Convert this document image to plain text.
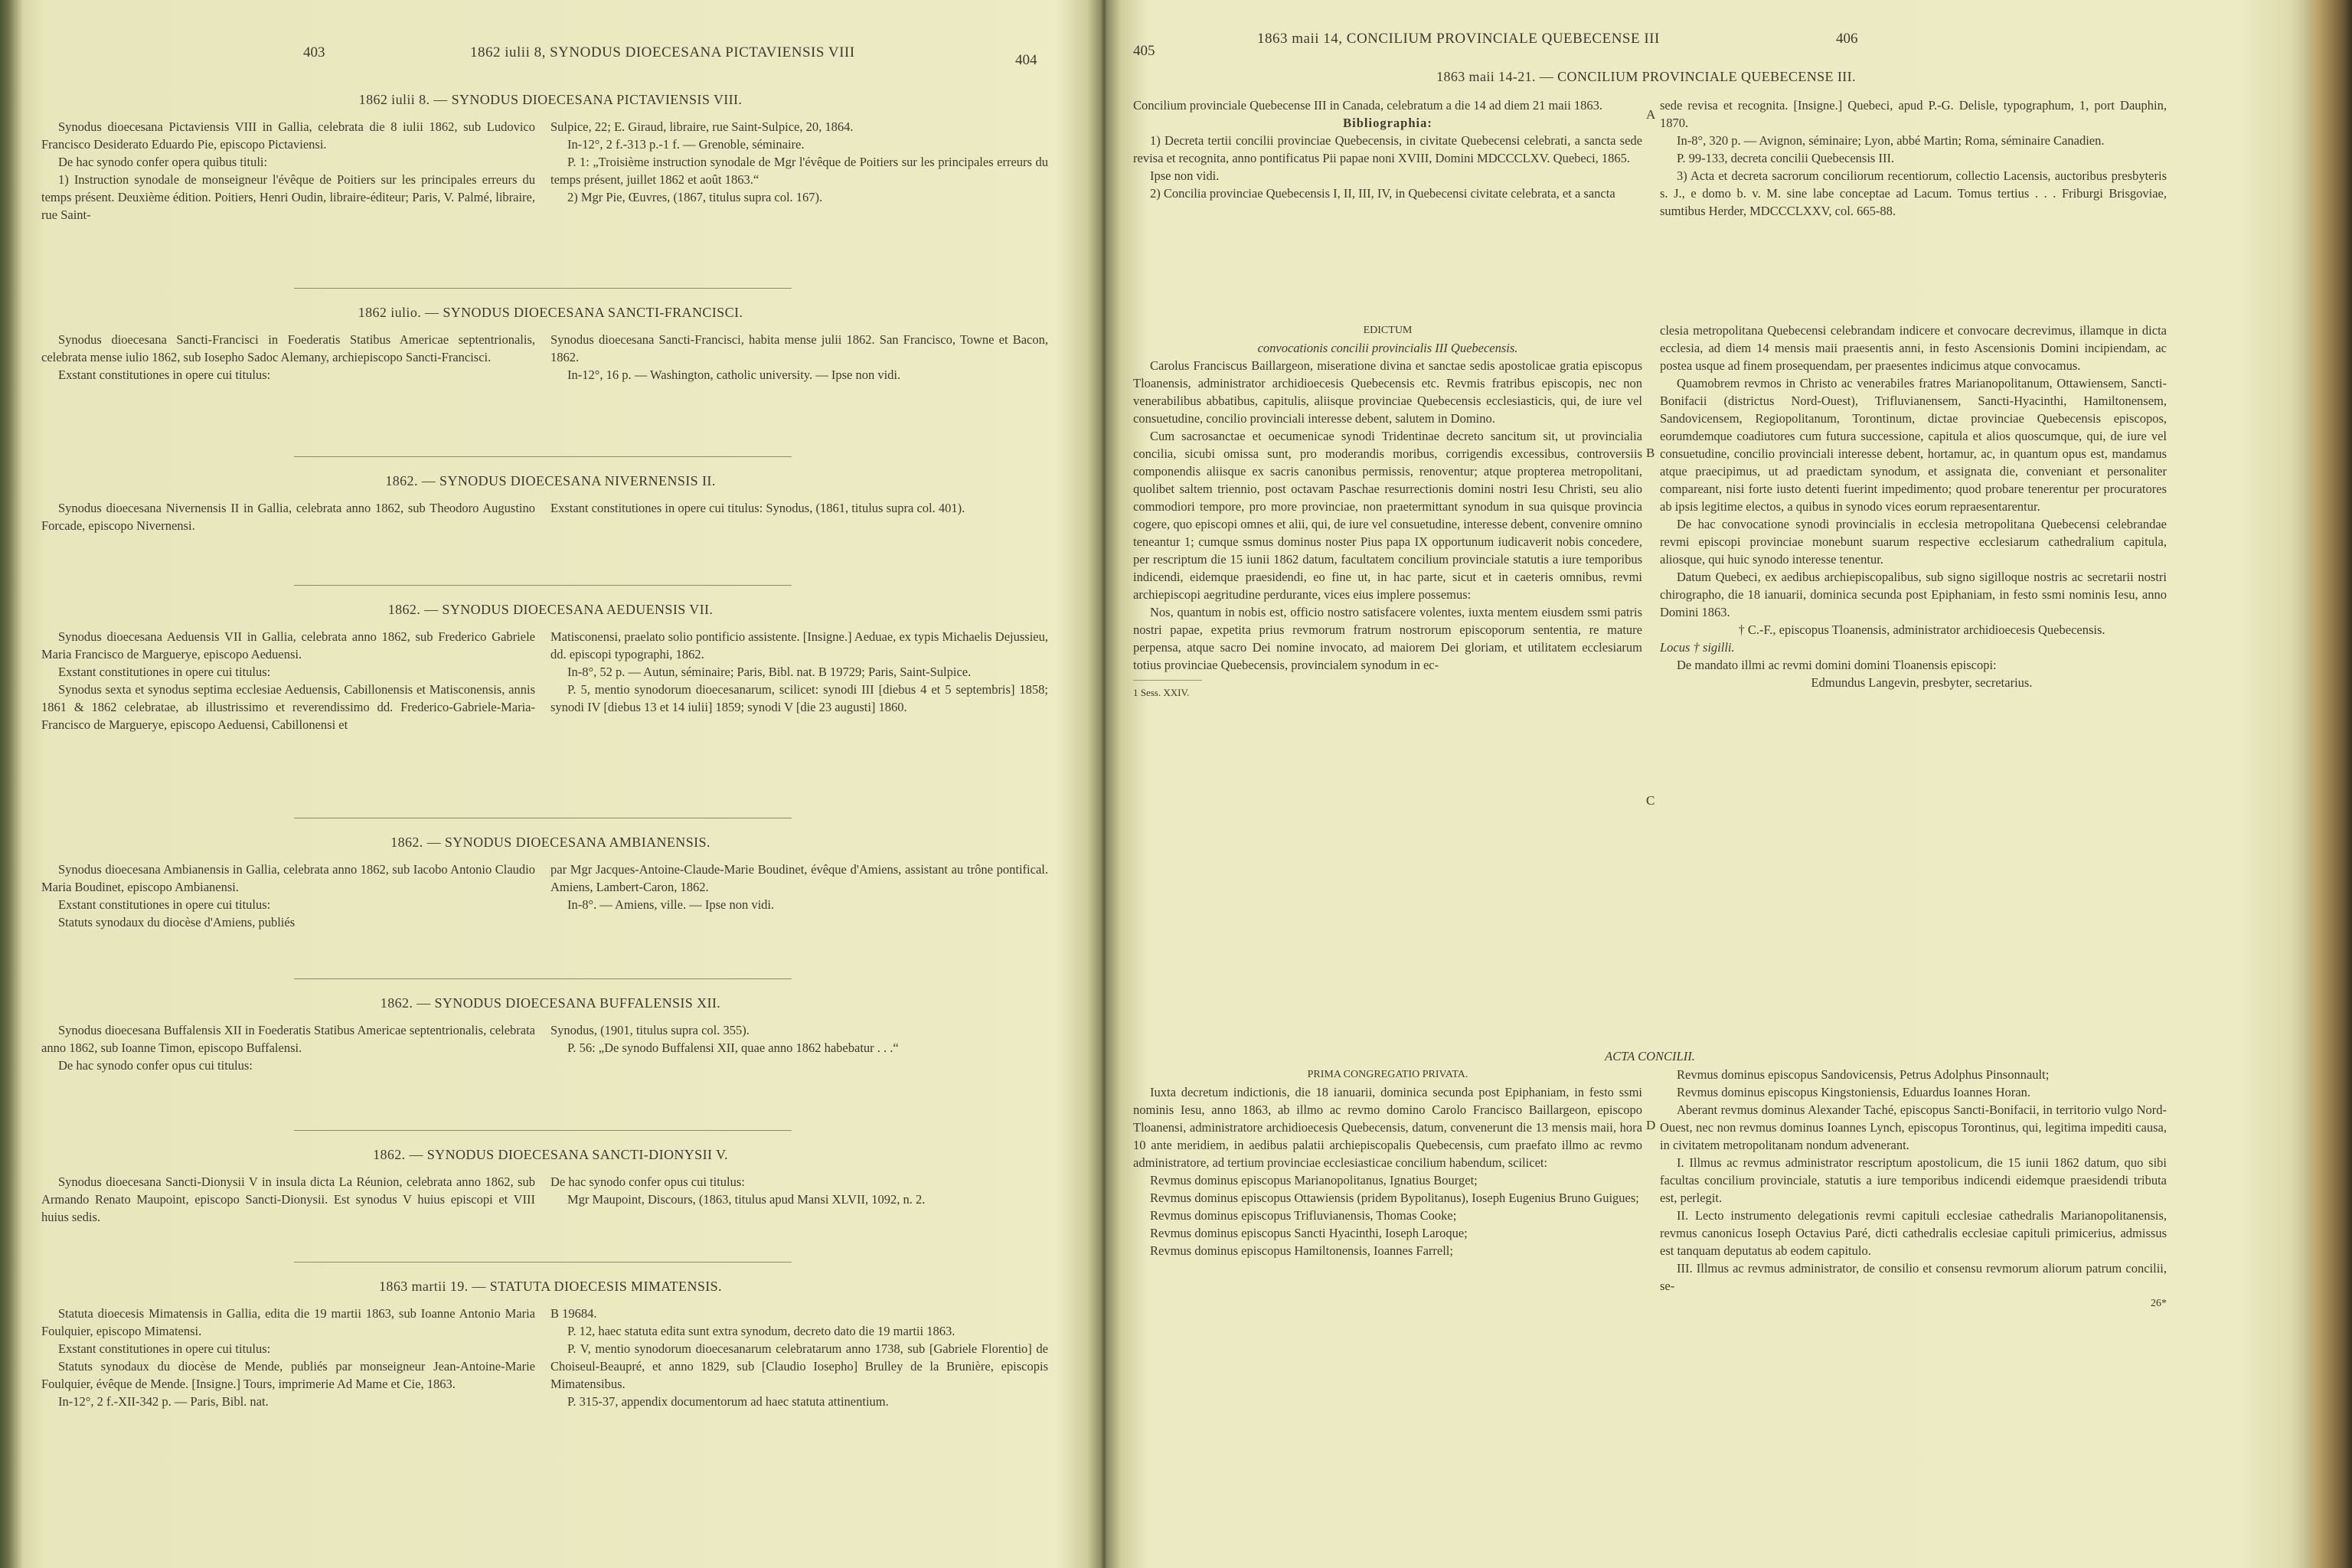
403	1862 iulii 8, SYNODUS DIOECESANA PICTAVIENSIS VIII	404
1862 iulii 8. — SYNODUS DIOECESANA PICTAVIENSIS VIII.

Synodus dioecesana Pictaviensis VIII in Gallia, celebrata die 8 iulii 1862, sub Ludovico Francisco Desiderato Eduardo Pie, episcopo Pictaviensi.

De hac synodo confer opera quibus tituli:

1) Instruction synodale de monseigneur l'évêque de Poitiers sur les principales erreurs du temps présent. Deuxième édition. Poitiers, Henri Oudin, libraire-éditeur; Paris, V. Palmé, libraire, rue Saint-

Sulpice, 22; E. Giraud, libraire, rue Saint-Sulpice, 20, 1864.

In-12°, 2 f.-313 p.-1 f. — Grenoble, séminaire.

P. 1: „Troisième instruction synodale de Mgr l'évêque de Poitiers sur les principales erreurs du temps présent, juillet 1862 et août 1863.“

2) Mgr Pie, Œuvres, (1867, titulus supra col. 167).

1862 iulio. — SYNODUS DIOECESANA SANCTI-FRANCISCI.

Synodus dioecesana Sancti-Francisci in Foederatis Statibus Americae septentrionalis, celebrata mense iulio 1862, sub Iosepho Sadoc Alemany, archiepiscopo Sancti-Francisci.

Exstant constitutiones in opere cui titulus:

Synodus dioecesana Sancti-Francisci, habita mense julii 1862. San Francisco, Towne et Bacon, 1862.

In-12°, 16 p. — Washington, catholic university. — Ipse non vidi.

1862. — SYNODUS DIOECESANA NIVERNENSIS II.

Synodus dioecesana Nivernensis II in Gallia, celebrata anno 1862, sub Theodoro Augustino Forcade, episcopo Nivernensi.

Exstant constitutiones in opere cui titulus: Synodus, (1861, titulus supra col. 401).

1862. — SYNODUS DIOECESANA AEDUENSIS VII.

Synodus dioecesana Aeduensis VII in Gallia, celebrata anno 1862, sub Frederico Gabriele Maria Francisco de Marguerye, episcopo Aeduensi.

Exstant constitutiones in opere cui titulus:

Synodus sexta et synodus septima ecclesiae Aeduensis, Cabillonensis et Matisconensis, annis 1861 & 1862 celebratae, ab illustrissimo et reverendissimo dd. Frederico-Gabriele-Maria-Francisco de Marguerye, episcopo Aeduensi, Cabillonensi et

Matisconensi, praelato solio pontificio assistente. [Insigne.] Aeduae, ex typis Michaelis Dejussieu, dd. episcopi typographi, 1862.

In-8°, 52 p. — Autun, séminaire; Paris, Bibl. nat. B 19729; Paris, Saint-Sulpice.

P. 5, mentio synodorum dioecesanarum, scilicet: synodi III [diebus 4 et 5 septembris] 1858; synodi IV [diebus 13 et 14 iulii] 1859; synodi V [die 23 augusti] 1860.

1862. — SYNODUS DIOECESANA AMBIANENSIS.

Synodus dioecesana Ambianensis in Gallia, celebrata anno 1862, sub Iacobo Antonio Claudio Maria Boudinet, episcopo Ambianensi.

Exstant constitutiones in opere cui titulus:

Statuts synodaux du diocèse d'Amiens, publiés

par Mgr Jacques-Antoine-Claude-Marie Boudinet, évêque d'Amiens, assistant au trône pontifical. Amiens, Lambert-Caron, 1862.

In-8°. — Amiens, ville. — Ipse non vidi.

1862. — SYNODUS DIOECESANA BUFFALENSIS XII.

Synodus dioecesana Buffalensis XII in Foederatis Statibus Americae septentrionalis, celebrata anno 1862, sub Ioanne Timon, episcopo Buffalensi.

De hac synodo confer opus cui titulus:

Synodus, (1901, titulus supra col. 355).

P. 56: „De synodo Buffalensi XII, quae anno 1862 habebatur . . .“

1862. — SYNODUS DIOECESANA SANCTI-DIONYSII V.

Synodus dioecesana Sancti-Dionysii V in insula dicta La Réunion, celebrata anno 1862, sub Armando Renato Maupoint, episcopo Sancti-Dionysii. Est synodus V huius episcopi et VIII huius sedis.

De hac synodo confer opus cui titulus:

Mgr Maupoint, Discours, (1863, titulus apud Mansi XLVII, 1092, n. 2.

1863 martii 19. — STATUTA DIOECESIS MIMATENSIS.

Statuta dioecesis Mimatensis in Gallia, edita die 19 martii 1863, sub Ioanne Antonio Maria Foulquier, episcopo Mimatensi.

Exstant constitutiones in opere cui titulus:

Statuts synodaux du diocèse de Mende, publiés par monseigneur Jean-Antoine-Marie Foulquier, évêque de Mende. [Insigne.] Tours, imprimerie Ad Mame et Cie, 1863.

In-12°, 2 f.-XII-342 p. — Paris, Bibl. nat.

B 19684.

P. 12, haec statuta edita sunt extra synodum, decreto dato die 19 martii 1863.

P. V, mentio synodorum dioecesanarum celebratarum anno 1738, sub [Gabriele Florentio] de Choiseul-Beaupré, et anno 1829, sub [Claudio Iosepho] Brulley de la Brunière, episcopis Mimatensibus.

P. 315-37, appendix documentorum ad haec statuta attinentium.

405
1863 maii 14, CONCILIUM PROVINCIALE QUEBECENSE III	406
1863 maii 14-21. — CONCILIUM PROVINCIALE QUEBECENSE III.

Concilium provinciale Quebecense III in Canada, celebratum a die 14 ad diem 21 maii 1863.

Bibliographia:

1) Decreta tertii concilii provinciae Quebecensis, in civitate Quebecensi celebrati, a sancta sede revisa et recognita, anno pontificatus Pii papae noni XVIII, Domini MDCCCLXV. Quebeci, 1865.

Ipse non vidi.

2) Concilia provinciae Quebecensis I, II, III, IV, in Quebecensi civitate celebrata, et a sancta

sede revisa et recognita. [Insigne.] Quebeci, apud P.-G. Delisle, typographum, 1, port Dauphin, 1870.

In-8°, 320 p. — Avignon, séminaire; Lyon, abbé Martin; Roma, séminaire Canadien.

P. 99-133, decreta concilii Quebecensis III.

3) Acta et decreta sacrorum conciliorum recentiorum, collectio Lacensis, auctoribus presbyteris s. J., e domo b. v. M. sine labe conceptae ad Lacum. Tomus tertius . . . Friburgi Brisgoviae, sumtibus Herder, MDCCCLXXV, col. 665-88.

EDICTUM

convocationis concilii provincialis III Quebecensis.

Carolus Franciscus Baillargeon, miseratione divina et sanctae sedis apostolicae gratia episcopus Tloanensis, administrator archidioecesis Quebecensis etc. Revmis fratribus episcopis, nec non venerabilibus abbatibus, capitulis, aliisque provinciae Quebecensis ecclesiasticis, qui, de iure vel consuetudine, concilio provinciali interesse debent, salutem in Domino.

Cum sacrosanctae et oecumenicae synodi Tridentinae decreto sancitum sit, ut provincialia concilia, sicubi omissa sunt, pro moderandis moribus, corrigendis excessibus, controversiis componendis aliisque ex sacris canonibus permissis, renoventur; atque propterea metropolitani, quolibet saltem triennio, post octavam Paschae resurrectionis domini nostri Iesu Christi, seu alio commodiori tempore, pro more provinciae, non praetermittant synodum in sua quisque provincia cogere, quo episcopi omnes et alii, qui, de iure vel consuetudine, interesse debent, convenire omnino teneantur 1; cumque ssmus dominus noster Pius papa IX opportunum iudicaverit nobis concedere, per rescriptum die 15 iunii 1862 datum, facultatem concilium provinciale statutis a iure temporibus indicendi, eidemque praesidendi, eo fine ut, in hac parte, sicut et in caeteris omnibus, revmi archiepiscopi aegritudine perdurante, vices eius implere possemus:

Nos, quantum in nobis est, officio nostro satisfacere volentes, iuxta mentem eiusdem ssmi patris nostri papae, expetita prius revmorum fratrum nostrorum episcoporum sententia, re mature perpensa, atque sacro Dei nomine invocato, ad maiorem Dei gloriam, et utilitatem ecclesiarum totius provinciae Quebecensis, provincialem synodum in ec-

1 Sess. XXIV.

clesia metropolitana Quebecensi celebrandam indicere et convocare decrevimus, illamque in dicta ecclesia, ad diem 14 mensis maii praesentis anni, in festo Ascensionis Domini incipiendam, ac postea usque ad finem prosequendam, per praesentes indicimus atque convocamus.

Quamobrem revmos in Christo ac venerabiles fratres Marianopolitanum, Ottawiensem, Sancti-Bonifacii (districtus Nord-Ouest), Trifluvianensem, Sancti-Hyacinthi, Hamiltonensem, Sandovicensem, Regiopolitanum, Torontinum, dictae provinciae Quebecensis episcopos, eorumdemque coadiutores cum futura successione, capitula et alios quoscumque, qui, de iure vel consuetudine, concilio provinciali interesse debent, hortamur, ac, in quantum opus est, mandamus atque praecipimus, ut ad praedictam synodum, et assignata die, conveniant et personaliter compareant, nisi forte iusto detenti fuerint impedimento; quod probare tenerentur per procuratores ab ipsis legitime electos, a quibus in synodo vices eorum repraesentarentur.

De hac convocatione synodi provincialis in ecclesia metropolitana Quebecensi celebrandae revmi episcopi provinciae monebunt suarum respective ecclesiarum cathedralium capitula, aliosque, qui huic synodo interesse tenentur.

Datum Quebeci, ex aedibus archiepiscopalibus, sub signo sigilloque nostris ac secretarii nostri chirographo, die 18 ianuarii, dominica secunda post Epiphaniam, in festo ssmi nominis Iesu, anno Domini 1863.

† C.-F., episcopus Tloanensis, administrator archidioecesis Quebecensis.

Locus † sigilli.

De mandato illmi ac revmi domini domini Tloanensis episcopi:

Edmundus Langevin, presbyter, secretarius.

ACTA CONCILII.

PRIMA CONGREGATIO PRIVATA.

Iuxta decretum indictionis, die 18 ianuarii, dominica secunda post Epiphaniam, in festo ssmi nominis Iesu, anno 1863, ab illmo ac revmo domino Carolo Francisco Baillargeon, episcopo Tloanensi, administratore archidioecesis Quebecensis, datum, convenerunt die 13 mensis maii, hora 10 ante meridiem, in aedibus palatii archiepiscopalis Quebecensis, cum praefato illmo ac revmo administratore, ad tertium provinciae ecclesiasticae concilium habendum, scilicet:

Revmus dominus episcopus Marianopolitanus, Ignatius Bourget;

Revmus dominus episcopus Ottawiensis (pridem Bypolitanus), Ioseph Eugenius Bruno Guigues;

Revmus dominus episcopus Trifluvianensis, Thomas Cooke;

Revmus dominus episcopus Sancti Hyacinthi, Ioseph Laroque;

Revmus dominus episcopus Hamiltonensis, Ioannes Farrell;

Revmus dominus episcopus Sandovicensis, Petrus Adolphus Pinsonnault;

Revmus dominus episcopus Kingstoniensis, Eduardus Ioannes Horan.

Aberant revmus dominus Alexander Taché, episcopus Sancti-Bonifacii, in territorio vulgo Nord-Ouest, nec non revmus dominus Ioannes Lynch, episcopus Torontinus, qui, legitima impediti causa, in civitatem metropolitanam nondum advenerant.

I. Illmus ac revmus administrator rescriptum apostolicum, die 15 iunii 1862 datum, quo sibi facultas concilium provinciale, statutis a iure temporibus indicendi eidemque praesidendi tributa est, perlegit.

II. Lecto instrumento delegationis revmi capituli ecclesiae cathedralis Marianopolitanensis, revmus canonicus Ioseph Octavius Paré, dicti cathedralis ecclesiae capituli primicerius, admissus est tanquam deputatus ab eodem capitulo.

III. Illmus ac revmus administrator, de consilio et consensu revmorum aliorum patrum concilii, se-

26*

A
B
C
D
